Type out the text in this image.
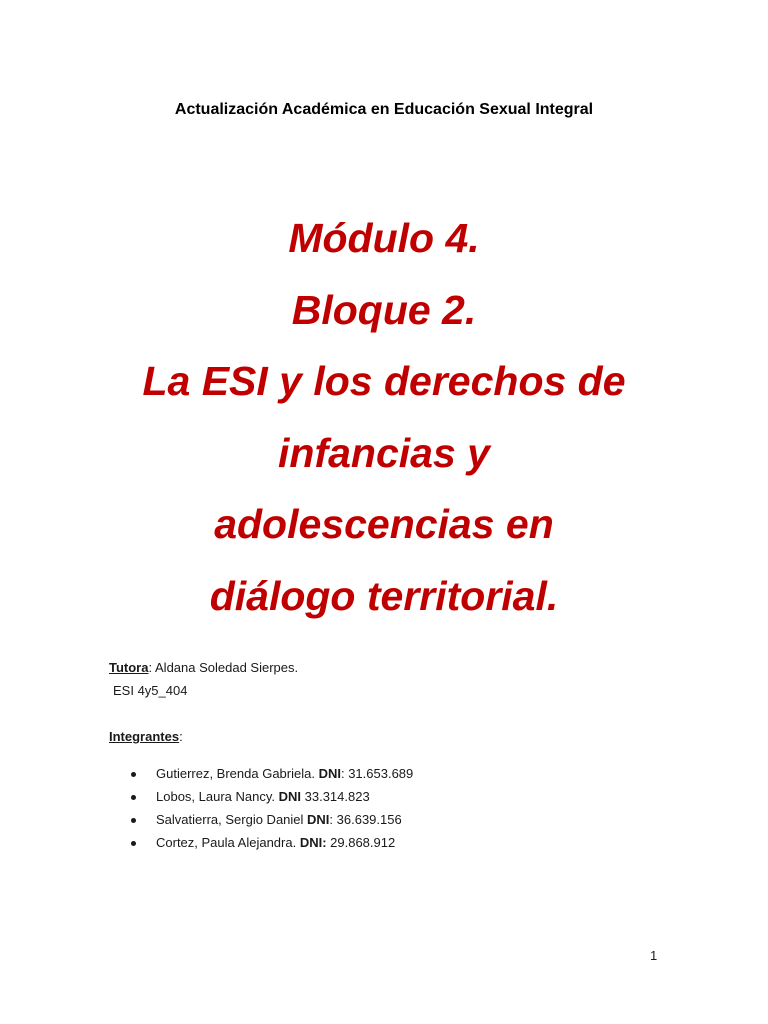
Actualización Académica en Educación Sexual Integral
Módulo 4.
Bloque 2.
La ESI y los derechos de
infancias y
adolescencias en
diálogo territorial.
Tutora: Aldana Soledad Sierpes.
ESI 4y5_404
Integrantes:
Gutierrez, Brenda Gabriela. DNI: 31.653.689
Lobos, Laura Nancy. DNI 33.314.823
Salvatierra, Sergio Daniel DNI: 36.639.156
Cortez, Paula Alejandra. DNI: 29.868.912
1
